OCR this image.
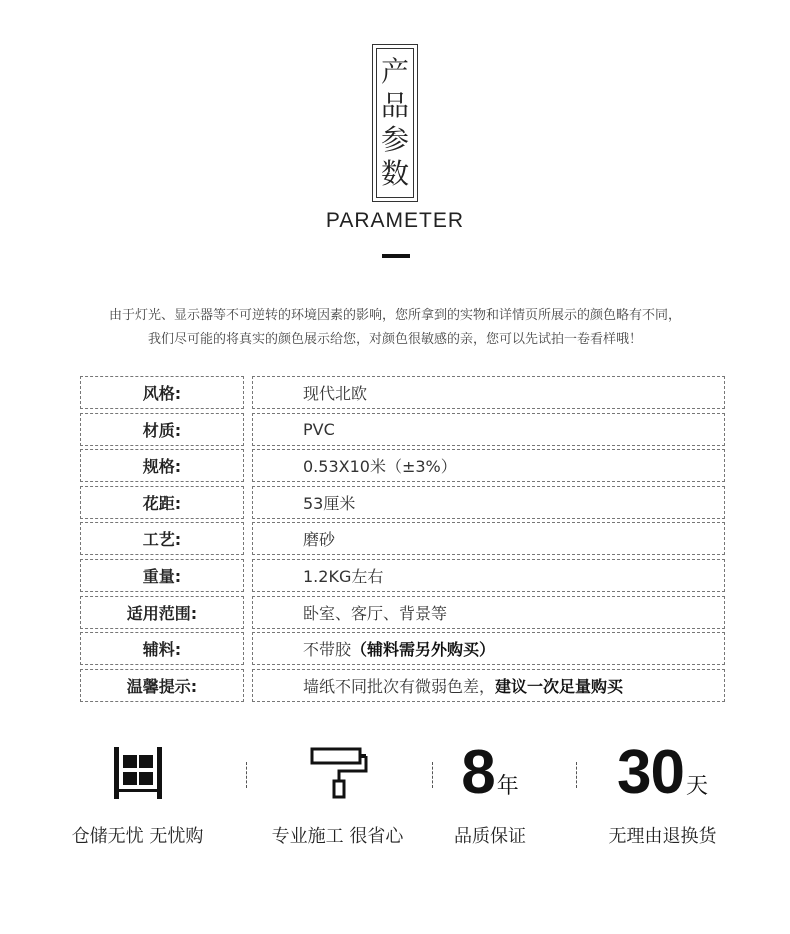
产
品
参
数
PARAMETER
由于灯光、显示器等不可逆转的环境因素的影响，您所拿到的实物和详情页所展示的颜色略有不同，
我们尽可能的将真实的颜色展示给您，对颜色很敏感的亲，您可以先试拍一卷看样哦！
风格:	现代北欧
材质:	PVC
规格:	0.53X10米（±3%）
花距:	53厘米
工艺:	磨砂
重量:	1.2KG左右
适用范围:	卧室、客厅、背景等
辅料:	不带胶 （辅料需另外购买）
温馨提示:	墙纸不同批次有微弱色差， 建议一次足量购买
仓储无忧 无忧购	专业施工 很省心
8 年
品质保证
30 天
无理由退换货
